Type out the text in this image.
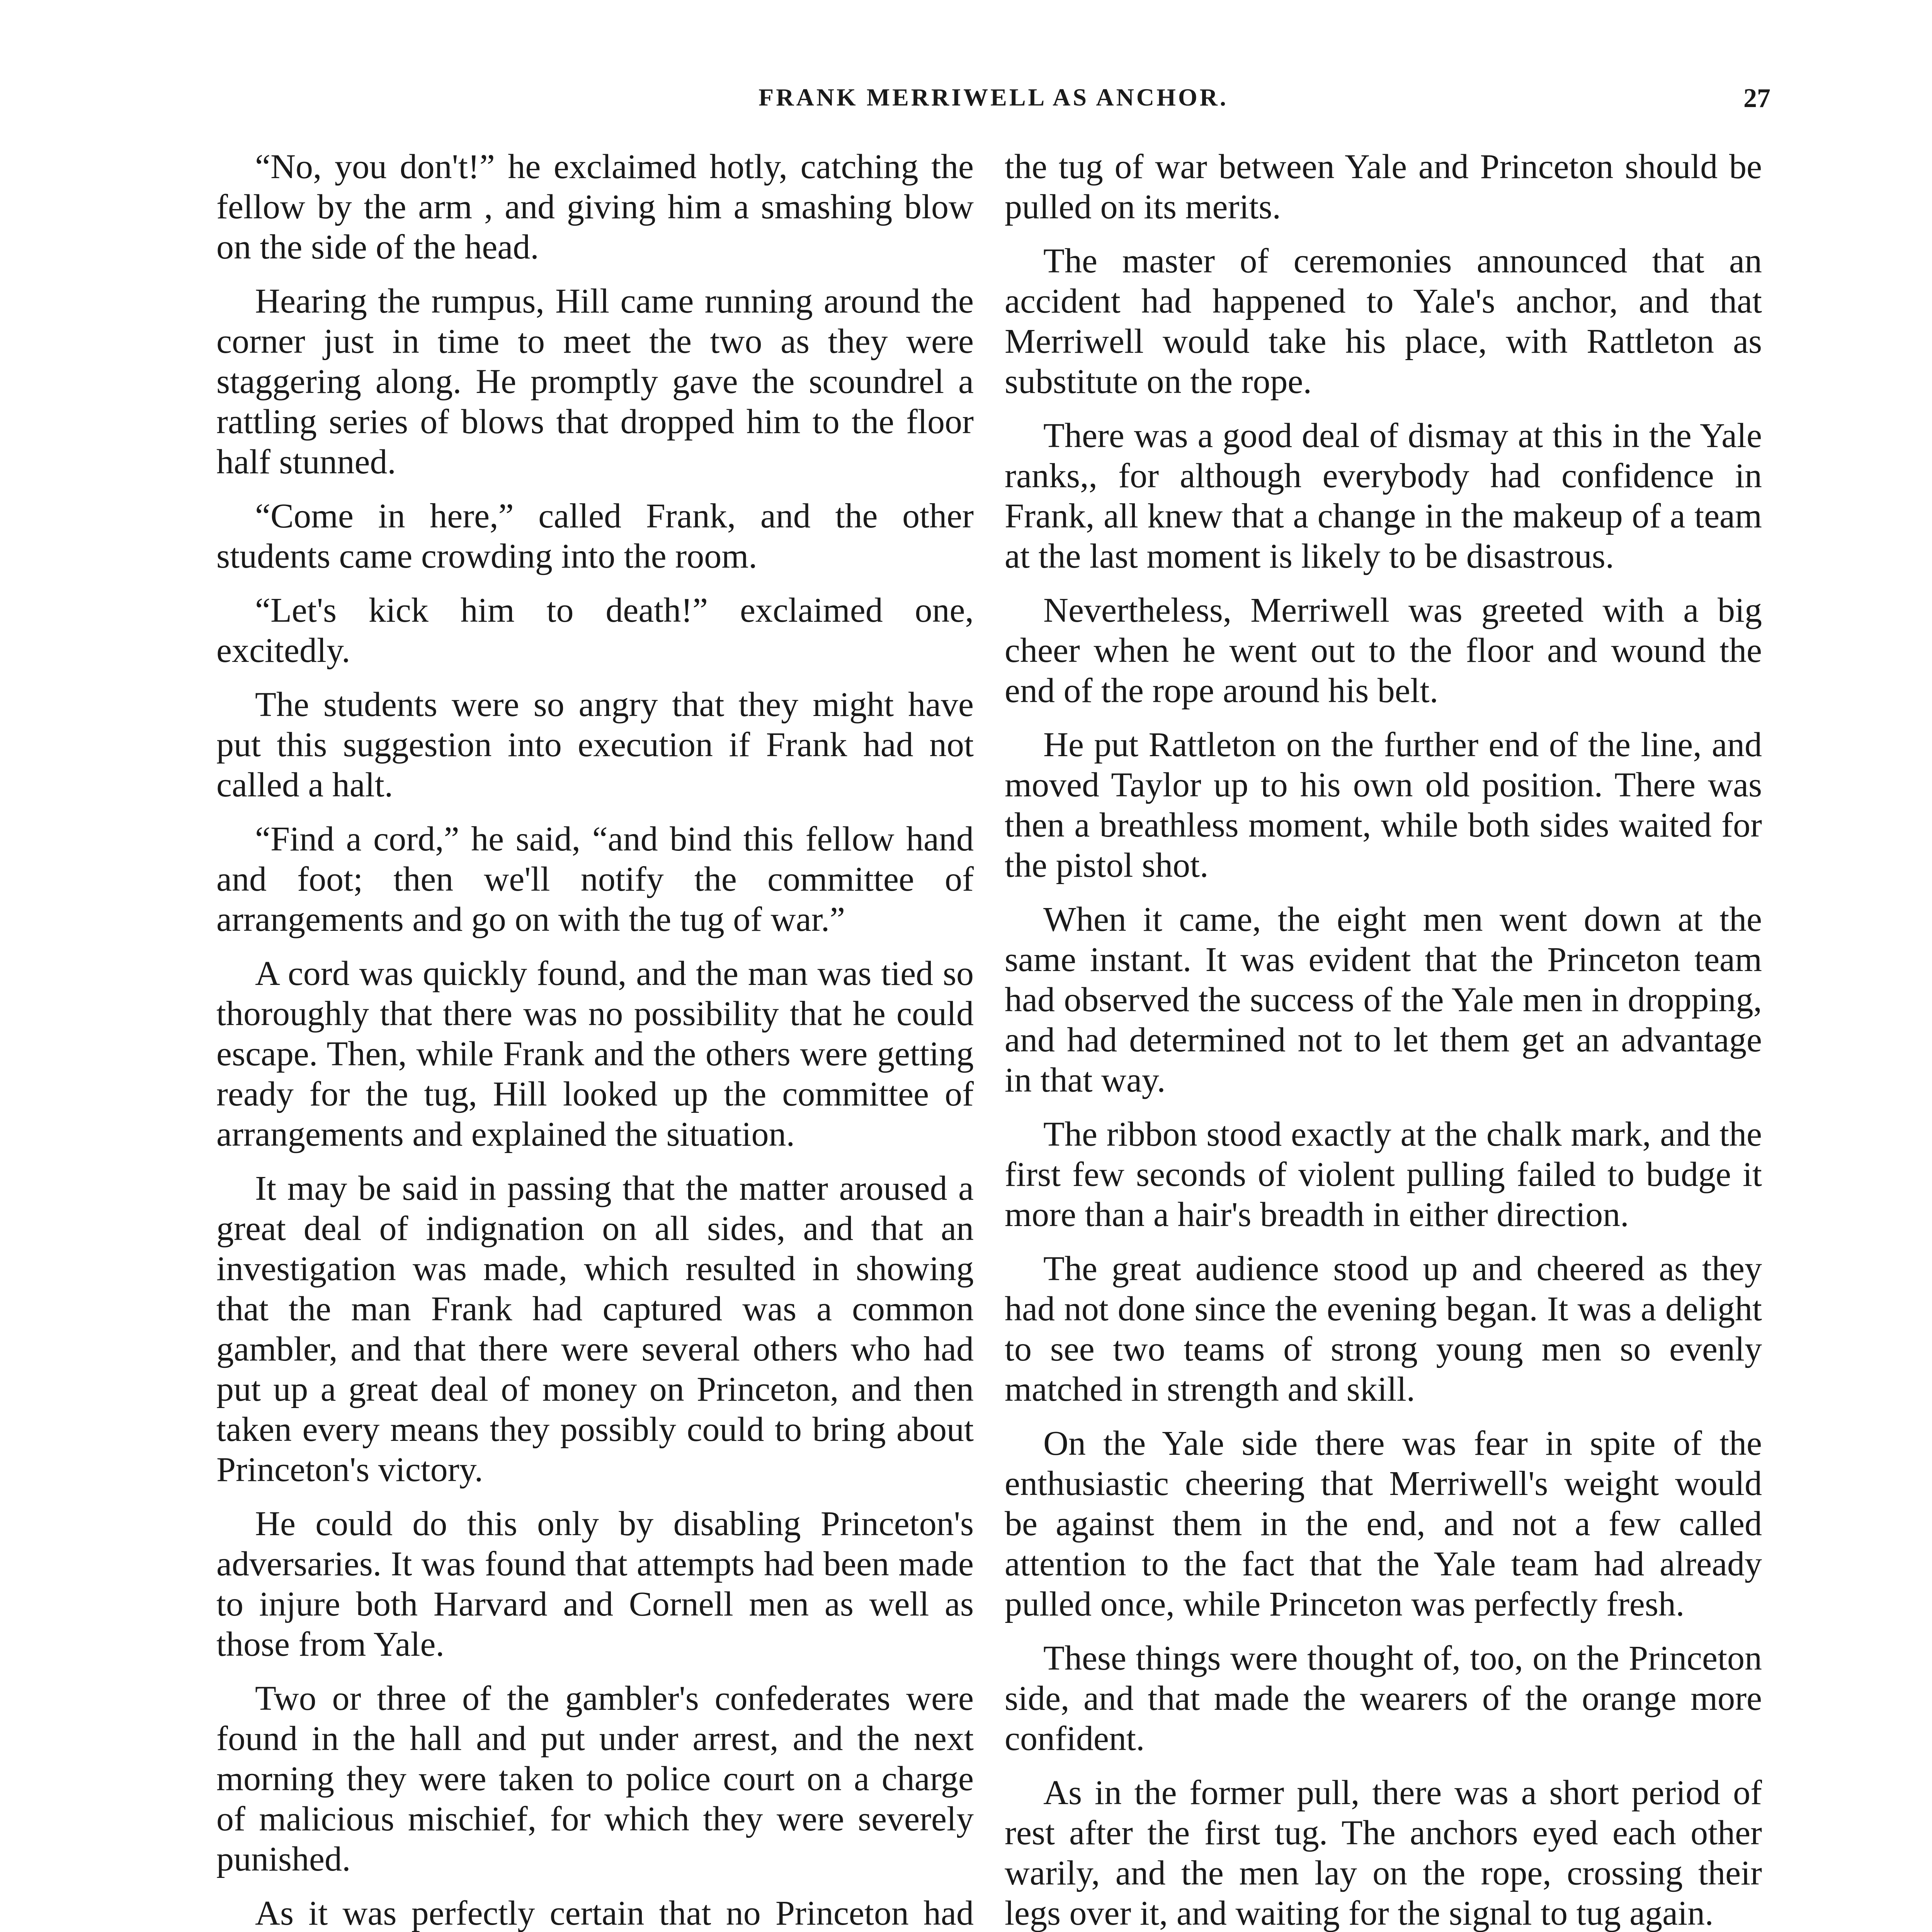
FRANK MERRIWELL AS ANCHOR.	27

“No, you don't!” he exclaimed hotly, catching the fellow by the arm , and giving him a smashing blow on the side of the head.

Hearing the rumpus, Hill came running around the corner just in time to meet the two as they were staggering along. He promptly gave the scoundrel a rattling series of blows that dropped him to the floor half stunned.

“Come in here,” called Frank, and the other students came crowding into the room.

“Let's kick him to death!” exclaimed one, excitedly.

The students were so angry that they might have put this suggestion into execution if Frank had not called a halt.

“Find a cord,” he said, “and bind this fellow hand and foot; then we'll notify the committee of arrangements and go on with the tug of war.”

A cord was quickly found, and the man was tied so thoroughly that there was no possibility that he could escape. Then, while Frank and the others were getting ready for the tug, Hill looked up the committee of arrangements and explained the situation.

It may be said in passing that the matter aroused a great deal of indignation on all sides, and that an investigation was made, which resulted in showing that the man Frank had captured was a common gambler, and that there were several others who had put up a great deal of money on Princeton, and then taken every means they possibly could to bring about Princeton's victory.

He could do this only by disabling Princeton's adversaries. It was found that attempts had been made to injure both Harvard and Cornell men as well as those from Yale.

Two or three of the gambler's confederates were found in the hall and put under arrest, and the next morning they were taken to police court on a charge of malicious mischief, for which they were severely punished.

As it was perfectly certain that no Princeton had

the tug of war between Yale and Princeton should be pulled on its merits.

The master of ceremonies announced that an accident had happened to Yale's anchor, and that Merriwell would take his place, with Rattleton as substitute on the rope.

There was a good deal of dismay at this in the Yale ranks,, for although everybody had confidence in Frank, all knew that a change in the makeup of a team at the last moment is likely to be disastrous.

Nevertheless, Merriwell was greeted with a big cheer when he went out to the floor and wound the end of the rope around his belt.

He put Rattleton on the further end of the line, and moved Taylor up to his own old position. There was then a breathless moment, while both sides waited for the pistol shot.

When it came, the eight men went down at the same instant. It was evident that the Princeton team had observed the success of the Yale men in dropping, and had determined not to let them get an advantage in that way.

The ribbon stood exactly at the chalk mark, and the first few seconds of violent pulling failed to budge it more than a hair's breadth in either direction.

The great audience stood up and cheered as they had not done since the evening began. It was a delight to see two teams of strong young men so evenly matched in strength and skill.

On the Yale side there was fear in spite of the enthusiastic cheering that Merriwell's weight would be against them in the end, and not a few called attention to the fact that the Yale team had already pulled once, while Princeton was perfectly fresh.

These things were thought of, too, on the Princeton side, and that made the wearers of the orange more confident.

As in the former pull, there was a short period of rest after the first tug. The anchors eyed each other warily, and the men lay on the rope, crossing their legs over it, and waiting for the signal to tug again.
